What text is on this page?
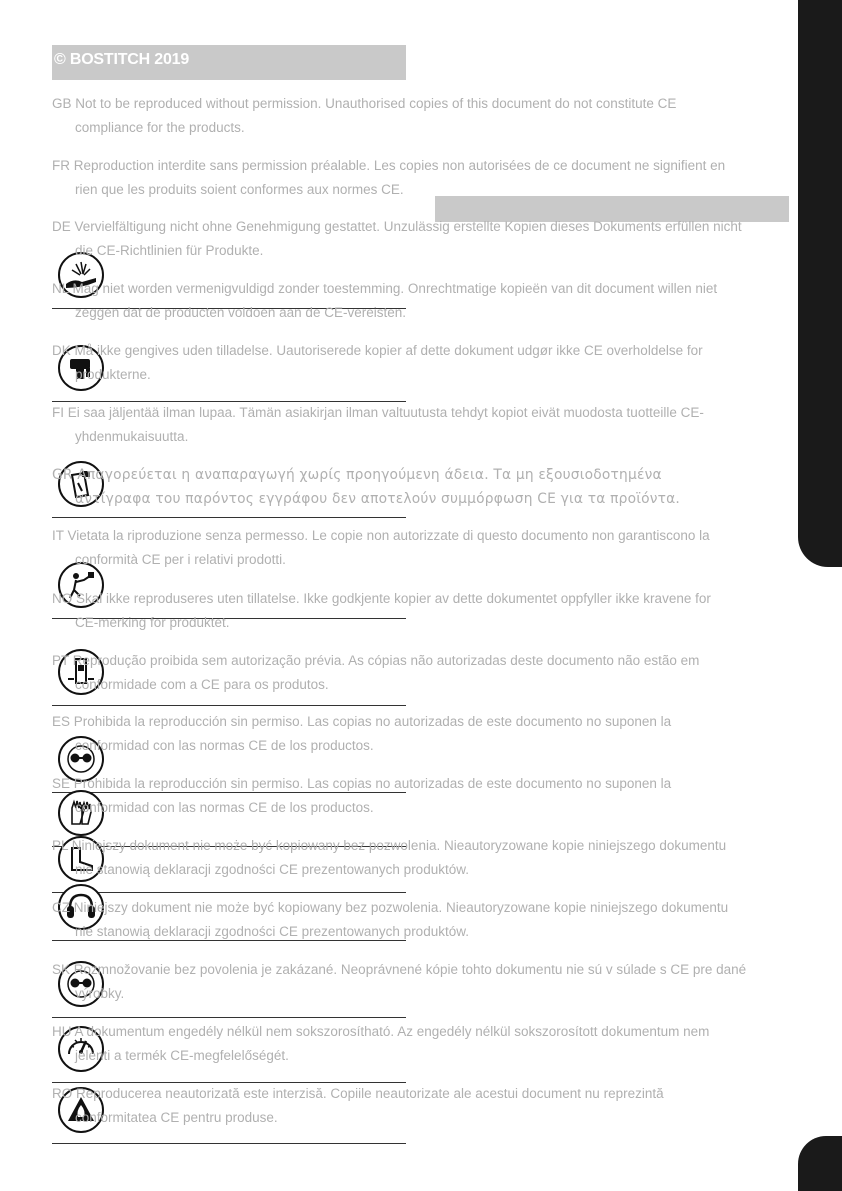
© BOSTITCH 2019
GB Not to be reproduced without permission. Unauthorised copies of this document do not constitute CE
compliance for the products.
FR Reproduction interdite sans permission préalable. Les copies non autorisées de ce document ne signifient en
rien que les produits soient conformes aux normes CE.
DE Vervielfältigung nicht ohne Genehmigung gestattet. Unzulässig erstellte Kopien dieses Dokuments erfüllen nicht
die CE-Richtlinien für Produkte.
NL Mag niet worden vermenigvuldigd zonder toestemming. Onrechtmatige kopieën van dit document willen niet
zeggen dat de producten voldoen aan de CE-vereisten.
DK Må ikke gengives uden tilladelse. Uautoriserede kopier af dette dokument udgør ikke CE overholdelse for
produkterne.
FI Ei saa jäljentää ilman lupaa. Tämän asiakirjan ilman valtuutusta tehdyt kopiot eivät muodosta tuotteille CE-
yhdenmukaisuutta.
GR Απαγορεύεται η αναπαραγωγή χωρίς προηγούμενη άδεια. Τα μη εξουσιοδοτημένα
αντίγραφα του παρόντος εγγράφου δεν αποτελούν συμμόρφωση CE για τα προϊόντα.
IT Vietata la riproduzione senza permesso. Le copie non autorizzate di questo documento non garantiscono la
conformità CE per i relativi prodotti.
NO Skal ikke reproduseres uten tillatelse. Ikke godkjente kopier av dette dokumentet oppfyller ikke kravene for
CE-merking for produktet.
PT Reprodução proibida sem autorização prévia. As cópias não autorizadas deste documento não estão em
conformidade com a CE para os produtos.
ES Prohibida la reproducción sin permiso. Las copias no autorizadas de este documento no suponen la
conformidad con las normas CE de los productos.
SE Prohibida la reproducción sin permiso. Las copias no autorizadas de este documento no suponen la
conformidad con las normas CE de los productos.
PL Niniejszy dokument nie może być kopiowany bez pozwolenia. Nieautoryzowane kopie niniejszego dokumentu
nie stanowią deklaracji zgodności CE prezentowanych produktów.
CZ Niniejszy dokument nie może być kopiowany bez pozwolenia. Nieautoryzowane kopie niniejszego dokumentu
nie stanowią deklaracji zgodności CE prezentowanych produktów.
SK Rozmnožovanie bez povolenia je zakázané. Neoprávnené kópie tohto dokumentu nie sú v súlade s CE pre dané
výrobky.
HU A dokumentum engedély nélkül nem sokszorosítható. Az engedély nélkül sokszorosított dokumentum nem
jelenti a termék CE-megfelelőségét.
RO Reproducerea neautorizată este interzisă. Copiile neautorizate ale acestui document nu reprezintă
conformitatea CE pentru produse.
